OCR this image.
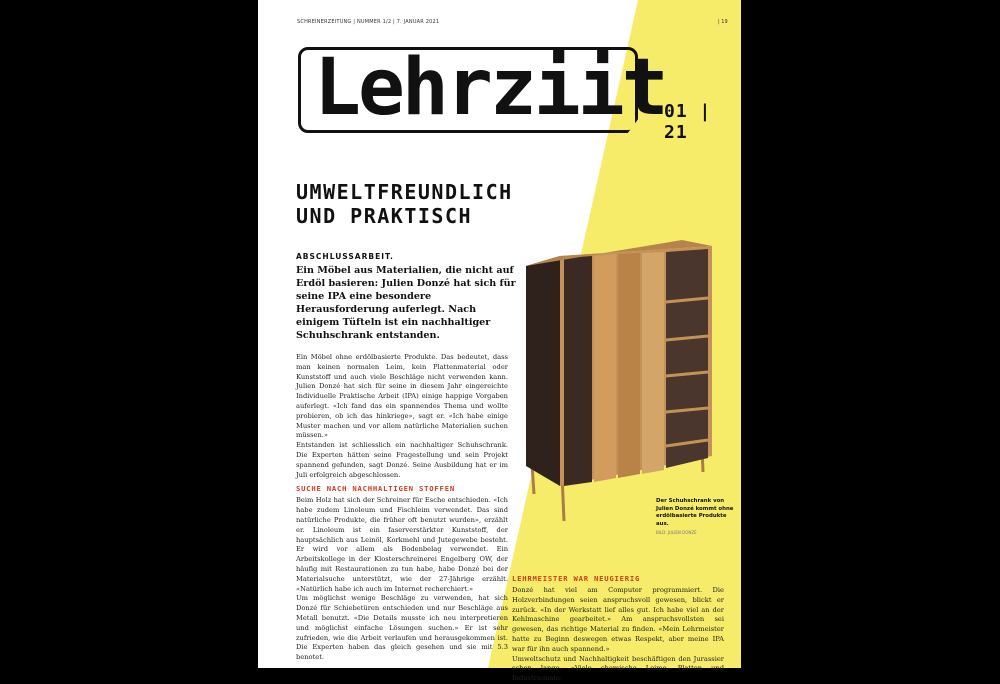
SCHREINERZEITUNG | NUMMER 1/2 | 7. JANUAR 2021	| 19
Lehrziit
01 | 21
UMWELTFREUNDLICH
UND PRAKTISCH
ABSCHLUSSARBEIT.
Ein Möbel aus Materialien, die nicht auf Erdöl basieren: Julien Donzé hat sich für seine IPA eine besondere Herausforderung auferlegt. Nach einigem Tüfteln ist ein nachhaltiger Schuhschrank entstanden.

Ein Möbel ohne erdölbasierte Produkte. Das bedeutet, dass man keinen normalen Leim, kein Plattenmaterial oder Kunststoff und auch viele Beschläge nicht verwenden kann. Julien Donzé hat sich für seine in diesem Jahr eingereichte Individuelle Praktische Arbeit (IPA) einige happige Vorgaben auferlegt. «Ich fand das ein spannendes Thema und wollte probieren, ob ich das hinkriege», sagt er. «Ich habe einige Muster machen und vor allem natürliche Materialien suchen müssen.»

Entstanden ist schliesslich ein nachhaltiger Schuhschrank. Die Experten hätten seine Fragestellung und sein Projekt spannend gefunden, sagt Donzé. Seine Ausbildung hat er im Juli erfolgreich abgeschlossen.

SUCHE NACH NACHHALTIGEN STOFFEN

Beim Holz hat sich der Schreiner für Esche entschieden. «Ich habe zudem Linoleum und Fischleim verwendet. Das sind natürliche Produkte, die früher oft benutzt wurden», erzählt er. Linoleum ist ein faserverstärkter Kunststoff, der hauptsächlich aus Leinöl, Korkmehl und Jutegewebe besteht. Er wird vor allem als Bodenbelag verwendet. Ein Arbeitskollege in der Klosterschreinerei Engelberg OW, der häufig mit Restaurationen zu tun habe, habe Donzé bei der Materialsuche unterstützt, wie der 27-Jährige erzählt. «Natürlich habe ich auch im Internet recherchiert.»

Um möglichst wenige Beschläge zu verwenden, hat sich Donzé für Schiebetüren entschieden und nur Beschläge aus Metall benutzt. «Die Details musste ich neu interpretieren und möglichst einfache Lösungen suchen.» Er ist sehr zufrieden, wie die Arbeit verlaufen und herausgekommen ist. Die Experten haben das gleich gesehen und sie mit 5.3 benotet.

LEHRMEISTER WAR NEUGIERIG

Donzé hat viel am Computer programmiert. Die Holzverbindungen seien anspruchsvoll gewesen, blickt er zurück. «In der Werkstatt lief alles gut. Ich habe viel an der Kehlmaschine gearbeitet.» Am anspruchsvollsten sei gewesen, das richtige Material zu finden. «Mein Lehrmeister hatte zu Beginn deswegen etwas Respekt, aber meine IPA war für ihn auch spannend.»

Umweltschutz und Nachhaltigkeit beschäftigen den Jurassier schon lange. «Viele chemische Leime, Platten und Industriemate-

Der Schuhschrank von Julien Donzé kommt ohne erdölbasierte Produkte aus.
BILD: JULIEN DONZÉ
